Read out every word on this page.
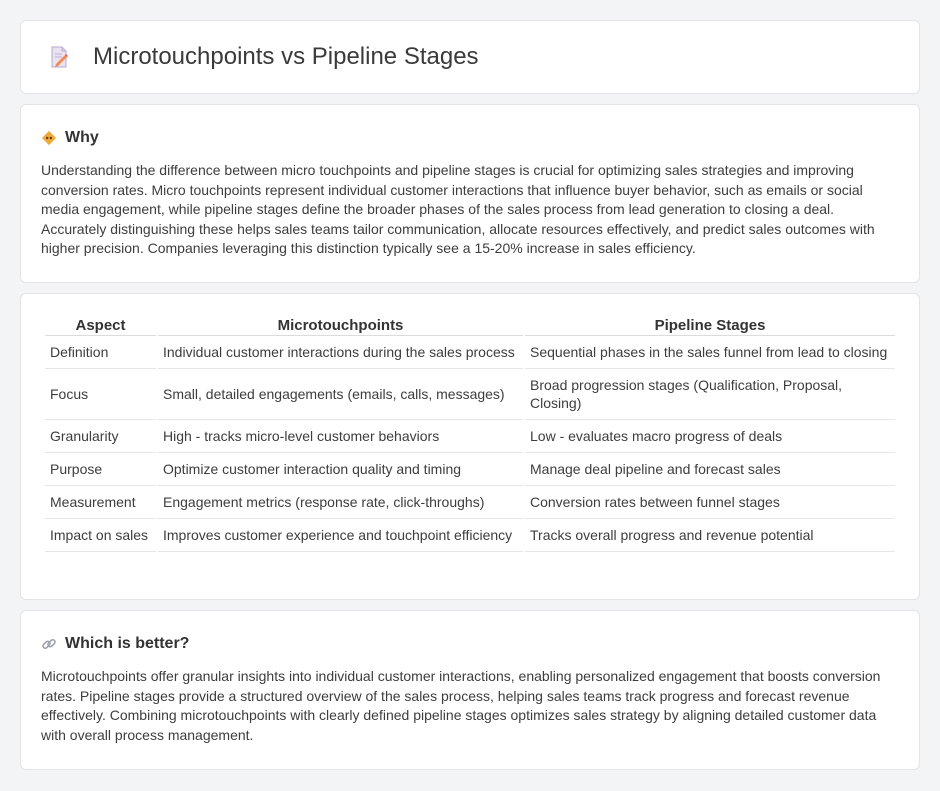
Microtouchpoints vs Pipeline Stages
Why

Understanding the difference between micro touchpoints and pipeline stages is crucial for optimizing sales strategies and improving conversion rates. Micro touchpoints represent individual customer interactions that influence buyer behavior, such as emails or social media engagement, while pipeline stages define the broader phases of the sales process from lead generation to closing a deal. Accurately distinguishing these helps sales teams tailor communication, allocate resources effectively, and predict sales outcomes with higher precision. Companies leveraging this distinction typically see a 15-20% increase in sales efficiency.

Aspect	Microtouchpoints	Pipeline Stages
Definition	Individual customer interactions during the sales process	Sequential phases in the sales funnel from lead to closing
Focus	Small, detailed engagements (emails, calls, messages)	Broad progression stages (Qualification, Proposal, Closing)
Granularity	High - tracks micro-level customer behaviors	Low - evaluates macro progress of deals
Purpose	Optimize customer interaction quality and timing	Manage deal pipeline and forecast sales
Measurement	Engagement metrics (response rate, click-throughs)	Conversion rates between funnel stages
Impact on sales	Improves customer experience and touchpoint efficiency	Tracks overall progress and revenue potential
Which is better?

Microtouchpoints offer granular insights into individual customer interactions, enabling personalized engagement that boosts conversion rates. Pipeline stages provide a structured overview of the sales process, helping sales teams track progress and forecast revenue effectively. Combining microtouchpoints with clearly defined pipeline stages optimizes sales strategy by aligning detailed customer data with overall process management.
